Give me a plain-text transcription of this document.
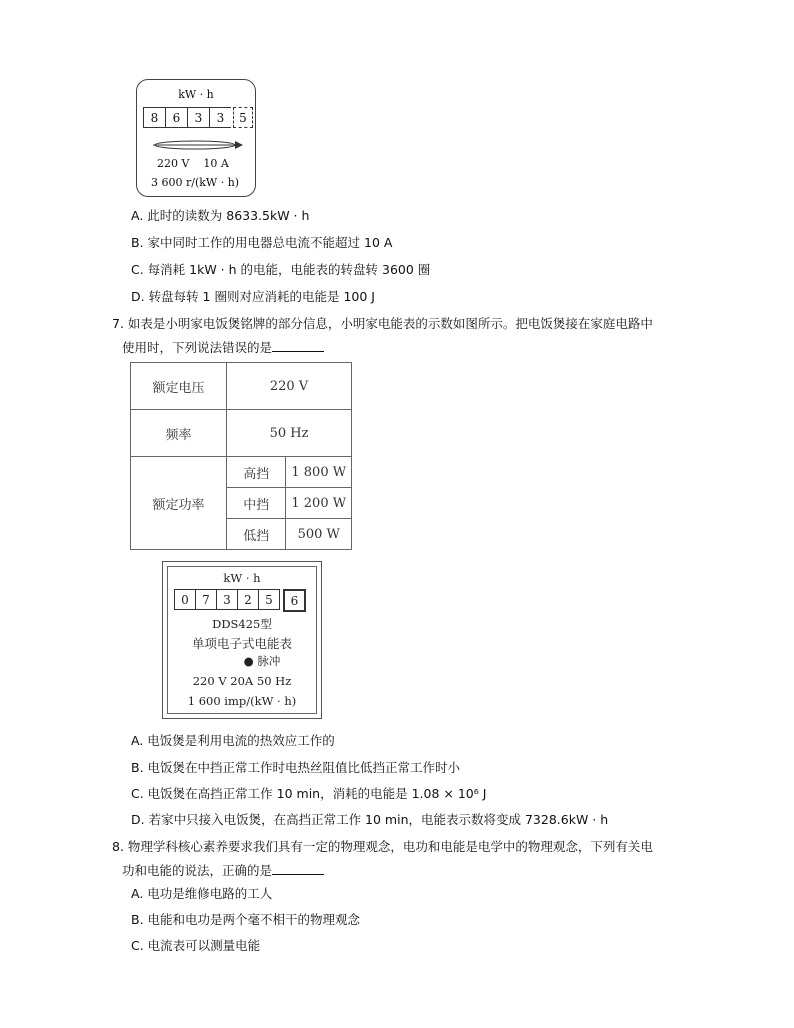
kW · h
8	6	3	3	5
220 V    10 A
3 600 r/(kW · h)
A. 此时的读数为 8633.5kW · h
B. 家中同时工作的用电器总电流不能超过 10 A
C. 每消耗 1kW · h 的电能，电能表的转盘转 3600 圈
D. 转盘每转 1 圈则对应消耗的电能是 100 J
7. 如表是小明家电饭煲铭牌的部分信息，小明家电能表的示数如图所示。把电饭煲接在家庭电路中
使用时，下列说法错误的是
额定电压	220 V	
频率	50 Hz	
额定功率	高挡	1 800 W
	中挡	1 200 W
	低挡	500 W
kW · h
0	7	3	2	5	6
DDS425型
单项电子式电能表
● 脉冲
220 V 20A 50 Hz
1 600 imp/(kW · h)
A. 电饭煲是利用电流的热效应工作的
B. 电饭煲在中挡正常工作时电热丝阻值比低挡正常工作时小
C. 电饭煲在高挡正常工作 10 min，消耗的电能是 1.08 × 10⁶ J
D. 若家中只接入电饭煲，在高挡正常工作 10 min，电能表示数将变成 7328.6kW · h
8. 物理学科核心素养要求我们具有一定的物理观念，电功和电能是电学中的物理观念，下列有关电
功和电能的说法，正确的是
A. 电功是维修电路的工人
B. 电能和电功是两个毫不相干的物理观念
C. 电流表可以测量电能
